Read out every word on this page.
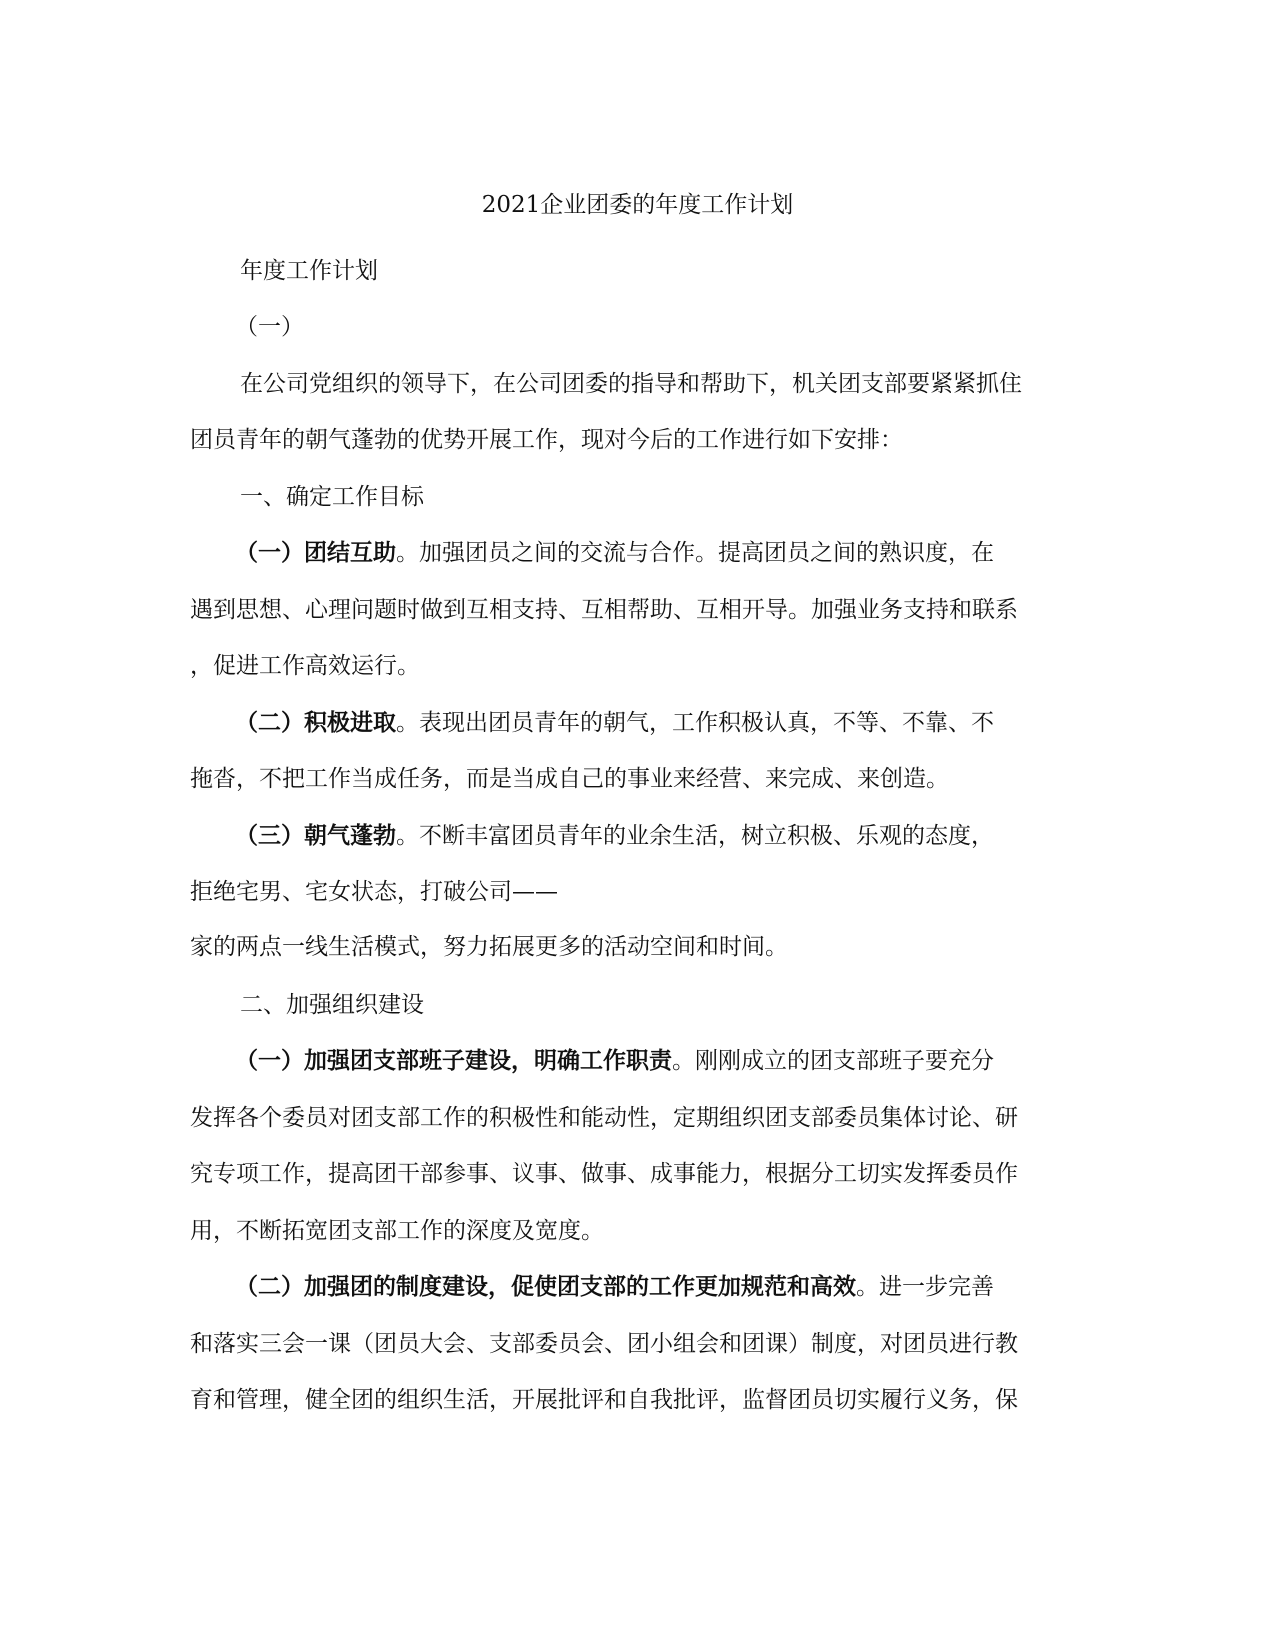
2021企业团委的年度工作计划

年度工作计划

（一）

在公司党组织的领导下，在公司团委的指导和帮助下，机关团支部要紧紧抓住

团员青年的朝气蓬勃的优势开展工作，现对今后的工作进行如下安排：

一、确定工作目标

（一）团结互助。加强团员之间的交流与合作。提高团员之间的熟识度，在

遇到思想、心理问题时做到互相支持、互相帮助、互相开导。加强业务支持和联系

，促进工作高效运行。

（二）积极进取。表现出团员青年的朝气，工作积极认真，不等、不靠、不

拖沓，不把工作当成任务，而是当成自己的事业来经营、来完成、来创造。

（三）朝气蓬勃。不断丰富团员青年的业余生活，树立积极、乐观的态度，

拒绝宅男、宅女状态，打破公司——

家的两点一线生活模式，努力拓展更多的活动空间和时间。

二、加强组织建设

（一）加强团支部班子建设，明确工作职责。刚刚成立的团支部班子要充分

发挥各个委员对团支部工作的积极性和能动性，定期组织团支部委员集体讨论、研

究专项工作，提高团干部参事、议事、做事、成事能力，根据分工切实发挥委员作

用，不断拓宽团支部工作的深度及宽度。

（二）加强团的制度建设，促使团支部的工作更加规范和高效。进一步完善

和落实三会一课（团员大会、支部委员会、团小组会和团课）制度，对团员进行教

育和管理，健全团的组织生活，开展批评和自我批评，监督团员切实履行义务，保
